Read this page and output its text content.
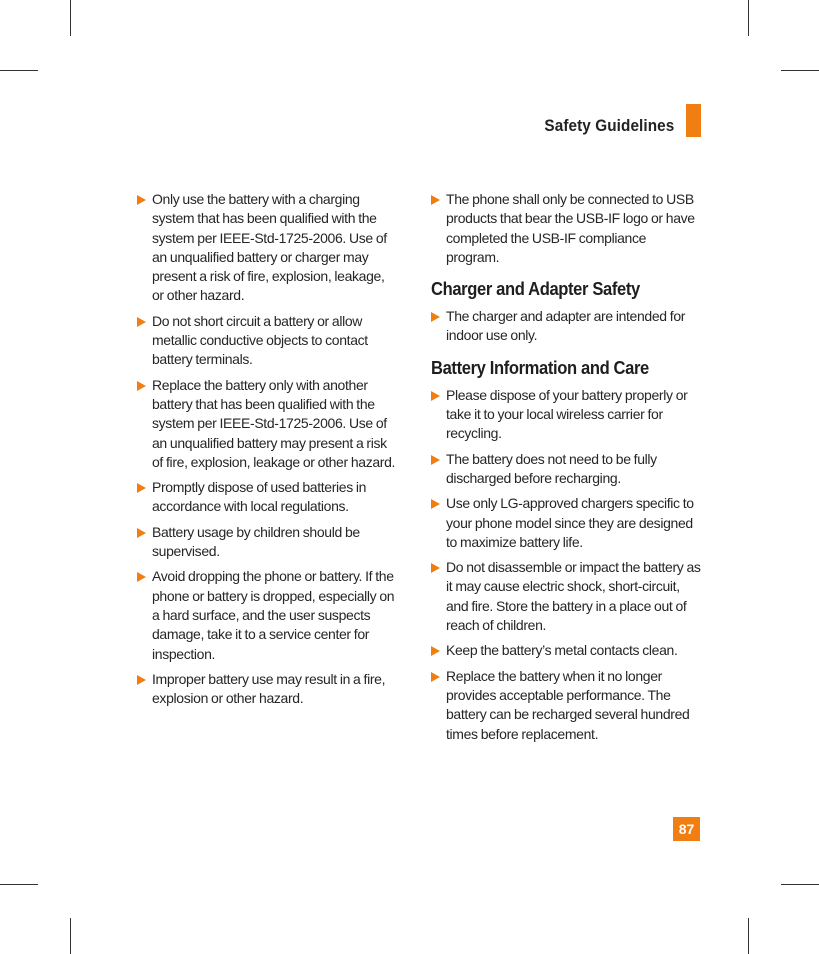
Safety Guidelines
Only use the battery with a charging system that has been qualified with the system per IEEE-Std-1725-2006. Use of an unqualified battery or charger may present a risk of fire, explosion, leakage, or other hazard.
Do not short circuit a battery or allow metallic conductive objects to contact battery terminals.
Replace the battery only with another battery that has been qualified with the system per IEEE-Std-1725-2006. Use of an unqualified battery may present a risk of fire, explosion, leakage or other hazard.
Promptly dispose of used batteries in accordance with local regulations.
Battery usage by children should be supervised.
Avoid dropping the phone or battery. If the phone or battery is dropped, especially on a hard surface, and the user suspects damage, take it to a service center for inspection.
Improper battery use may result in a fire, explosion or other hazard.
The phone shall only be connected to USB products that bear the USB-IF logo or have completed the USB-IF compliance program.
Charger and Adapter Safety
The charger and adapter are intended for indoor use only.
Battery Information and Care
Please dispose of your battery properly or take it to your local wireless carrier for recycling.
The battery does not need to be fully discharged before recharging.
Use only LG-approved chargers specific to your phone model since they are designed to maximize battery life.
Do not disassemble or impact the battery as it may cause electric shock, short-circuit, and fire. Store the battery in a place out of reach of children.
Keep the battery’s metal contacts clean.
Replace the battery when it no longer provides acceptable performance. The battery can be recharged several hundred times before replacement.
87
